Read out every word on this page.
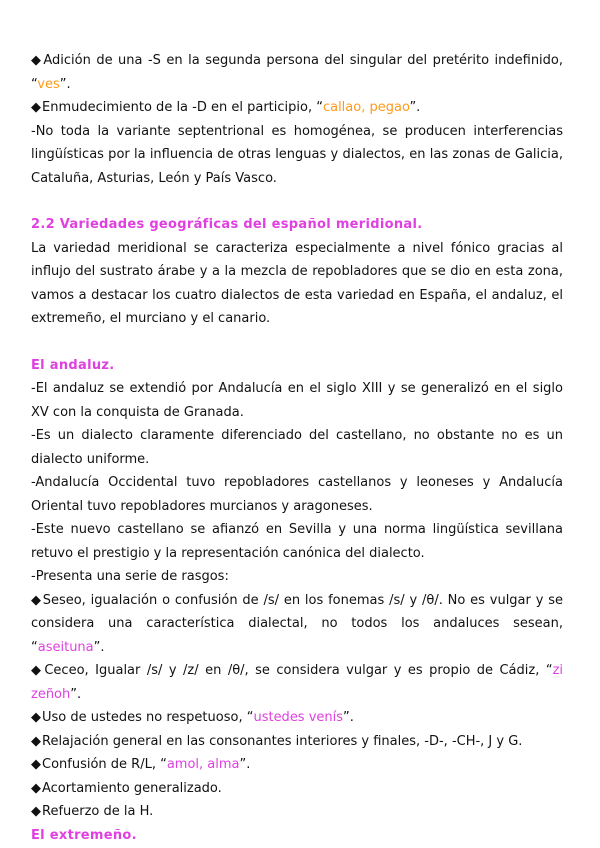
◆ Adición de una -S en la segunda persona del singular del pretérito indefinido, “ves”.

◆ Enmudecimiento de la -D en el participio, “callao, pegao”.

-No toda la variante septentrional es homogénea, se producen interferencias lingüísticas por la influencia de otras lenguas y dialectos, en las zonas de Galicia, Cataluña, Asturias, León y País Vasco.

2.2 Variedades geográficas del español meridional.

La variedad meridional se caracteriza especialmente a nivel fónico gracias al influjo del sustrato árabe y a la mezcla de repobladores que se dio en esta zona, vamos a destacar los cuatro dialectos de esta variedad en España, el andaluz, el extremeño, el murciano y el canario.

El andaluz.

-El andaluz se extendió por Andalucía en el siglo XIII y se generalizó en el siglo XV con la conquista de Granada.

-Es un dialecto claramente diferenciado del castellano, no obstante no es un dialecto uniforme.

-Andalucía Occidental tuvo repobladores castellanos y leoneses y Andalucía Oriental tuvo repobladores murcianos y aragoneses.

-Este nuevo castellano se afianzó en Sevilla y una norma lingüística sevillana retuvo el prestigio y la representación canónica del dialecto.

-Presenta una serie de rasgos:

◆ Seseo, igualación o confusión de /s/ en los fonemas /s/ y /θ/. No es vulgar y se considera una característica dialectal, no todos los andaluces sesean, “aseituna”.

◆ Ceceo, Igualar /s/ y /z/ en /θ/, se considera vulgar y es propio de Cádiz, “zi zeñoh”.

◆ Uso de ustedes no respetuoso, “ustedes venís”.

◆ Relajación general en las consonantes interiores y finales, -D-, -CH-, J y G.

◆ Confusión de R/L, “amol, alma”.

◆ Acortamiento generalizado.

◆ Refuerzo de la H.

El extremeño.
